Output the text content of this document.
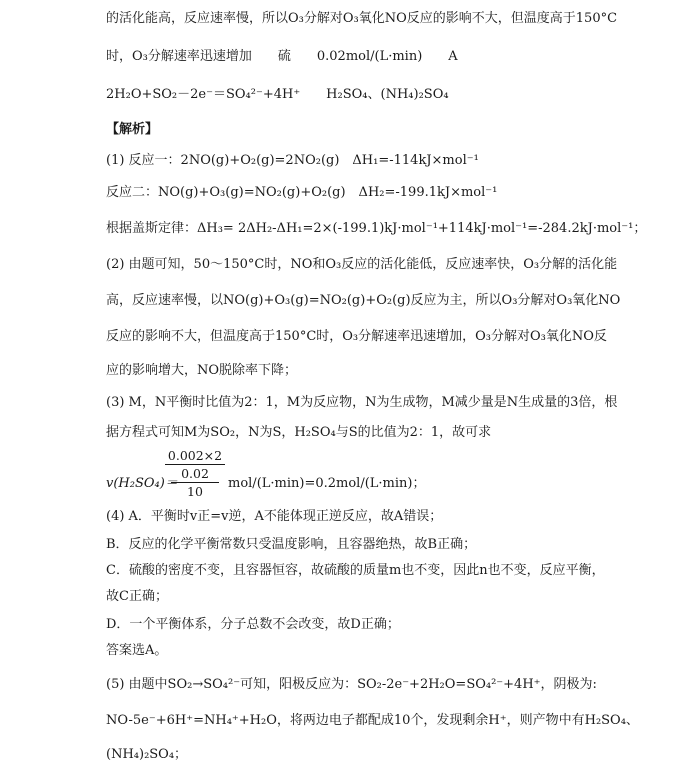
的活化能高，反应速率慢，所以O₃分解对O₃氧化NO反应的影响不大，但温度高于150°C
时，O₃分解速率迅速增加　　硫　　0.02mol/(L·min)　　A
2H₂O+SO₂－2e⁻＝SO₄²⁻+4H⁺　　H₂SO₄、(NH₄)₂SO₄
【解析】
(1) 反应一：2NO(g)+O₂(g)=2NO₂(g)　ΔH₁=-114kJ×mol⁻¹
反应二：NO(g)+O₃(g)=NO₂(g)+O₂(g)　ΔH₂=-199.1kJ×mol⁻¹
根据盖斯定律：ΔH₃= 2ΔH₂-ΔH₁=2×(-199.1)kJ·mol⁻¹+114kJ·mol⁻¹=-284.2kJ·mol⁻¹；
(2) 由题可知，50～150°C时，NO和O₃反应的活化能低，反应速率快，O₃分解的活化能
高，反应速率慢，以NO(g)+O₃(g)=NO₂(g)+O₂(g)反应为主，所以O₃分解对O₃氧化NO
反应的影响不大，但温度高于150°C时，O₃分解速率迅速增加，O₃分解对O₃氧化NO反
应的影响增大，NO脱除率下降；
(3) M，N平衡时比值为2：1，M为反应物，N为生成物，M减少量是N生成量的3倍，根
据方程式可知M为SO₂，N为S，H₂SO₄与S的比值为2：1，故可求
v(H₂SO₄)＝
0.002×2
0.02
10
mol/(L·min)=0.2mol/(L·min)；
(4) A．平衡时v正=v逆，A不能体现正逆反应，故A错误；
B．反应的化学平衡常数只受温度影响，且容器绝热，故B正确；
C．硫酸的密度不变，且容器恒容，故硫酸的质量m也不变，因此n也不变，反应平衡，
故C正确；
D．一个平衡体系，分子总数不会改变，故D正确；
答案选A。
(5) 由题中SO₂→SO₄²⁻可知，阳极反应为：SO₂-2e⁻+2H₂O=SO₄²⁻+4H⁺，阴极为:
NO-5e⁻+6H⁺=NH₄⁺+H₂O，将两边电子都配成10个，发现剩余H⁺，则产物中有H₂SO₄、
(NH₄)₂SO₄；
